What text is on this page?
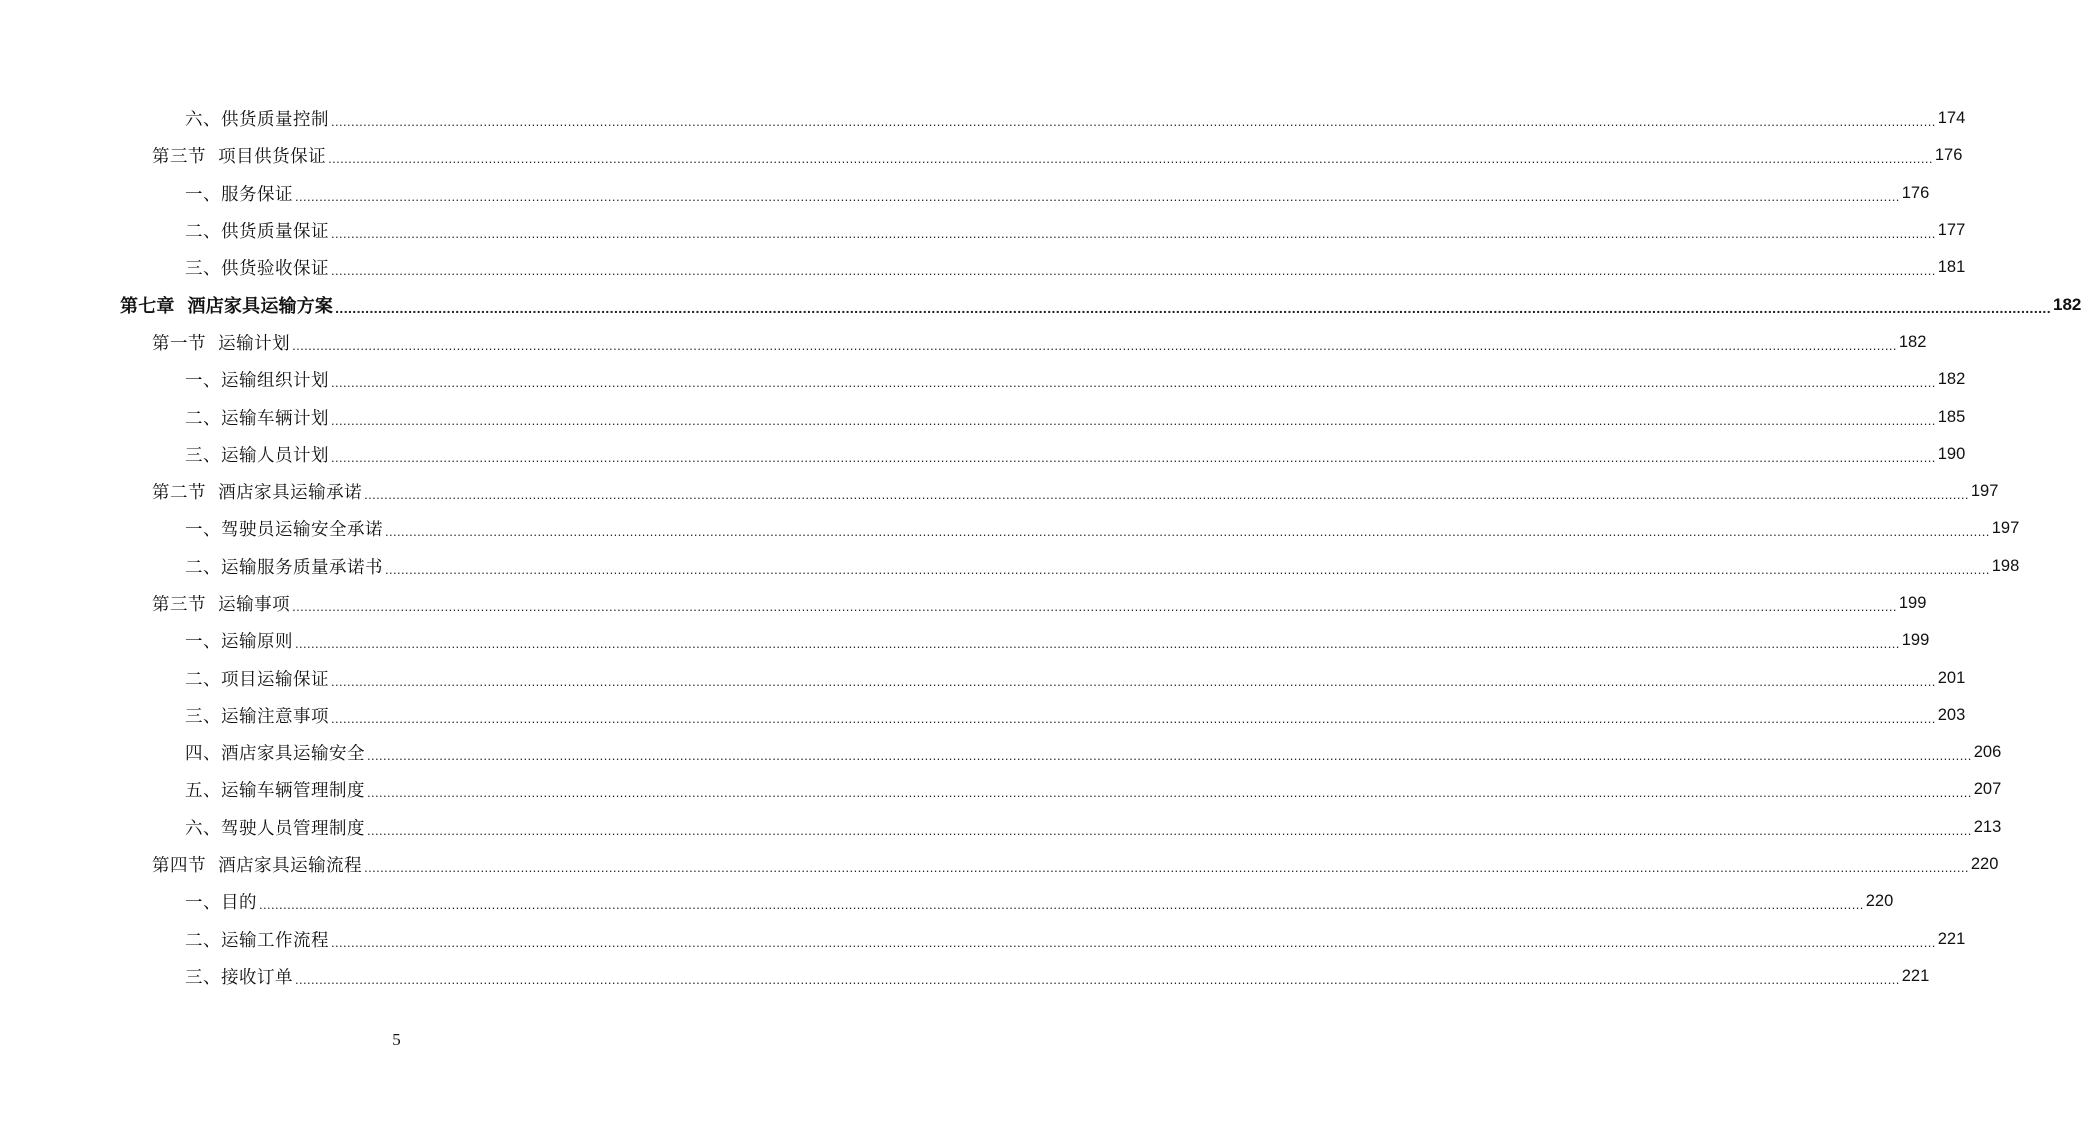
六、供货质量控制 ................................................................................................................................................................................................................................................................................................................................................................................................................ 174
第三节  项目供货保证 ................................................................................................................................................................................................................................................................................................................................................................................................................ 176
一、服务保证 ................................................................................................................................................................................................................................................................................................................................................................................................................ 176
二、供货质量保证 ................................................................................................................................................................................................................................................................................................................................................................................................................ 177
三、供货验收保证 ................................................................................................................................................................................................................................................................................................................................................................................................................ 181
第七章  酒店家具运输方案 ................................................................................................................................................................................................................................................................................................................................................................................................................ 182
第一节  运输计划 ................................................................................................................................................................................................................................................................................................................................................................................................................ 182
一、运输组织计划 ................................................................................................................................................................................................................................................................................................................................................................................................................ 182
二、运输车辆计划 ................................................................................................................................................................................................................................................................................................................................................................................................................ 185
三、运输人员计划 ................................................................................................................................................................................................................................................................................................................................................................................................................ 190
第二节  酒店家具运输承诺 ................................................................................................................................................................................................................................................................................................................................................................................................................ 197
一、驾驶员运输安全承诺 ................................................................................................................................................................................................................................................................................................................................................................................................................ 197
二、运输服务质量承诺书 ................................................................................................................................................................................................................................................................................................................................................................................................................ 198
第三节  运输事项 ................................................................................................................................................................................................................................................................................................................................................................................................................ 199
一、运输原则 ................................................................................................................................................................................................................................................................................................................................................................................................................ 199
二、项目运输保证 ................................................................................................................................................................................................................................................................................................................................................................................................................ 201
三、运输注意事项 ................................................................................................................................................................................................................................................................................................................................................................................................................ 203
四、酒店家具运输安全 ................................................................................................................................................................................................................................................................................................................................................................................................................ 206
五、运输车辆管理制度 ................................................................................................................................................................................................................................................................................................................................................................................................................ 207
六、驾驶人员管理制度 ................................................................................................................................................................................................................................................................................................................................................................................................................ 213
第四节  酒店家具运输流程 ................................................................................................................................................................................................................................................................................................................................................................................................................ 220
一、目的 ................................................................................................................................................................................................................................................................................................................................................................................................................ 220
二、运输工作流程 ................................................................................................................................................................................................................................................................................................................................................................................................................ 221
三、接收订单 ................................................................................................................................................................................................................................................................................................................................................................................................................ 221
5
